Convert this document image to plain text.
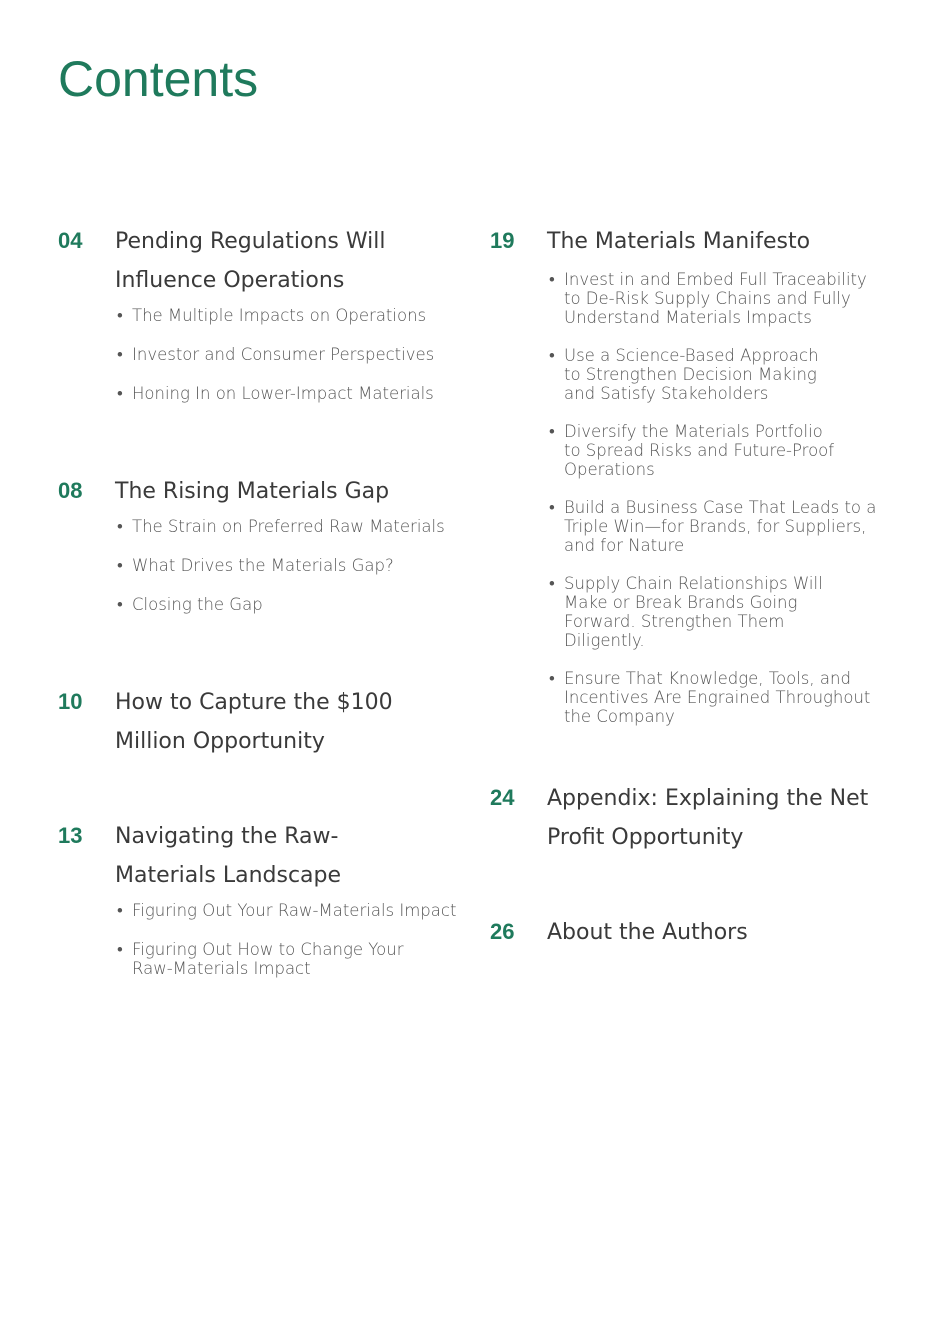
Contents
04 Pending Regulations Will Influence Operations
• The Multiple Impacts on Operations
• Investor and Consumer Perspectives
• Honing In on Lower-Impact Materials
08 The Rising Materials Gap
• The Strain on Preferred Raw Materials
• What Drives the Materials Gap?
• Closing the Gap
10 How to Capture the $100 Million Opportunity
13 Navigating the Raw-Materials Landscape
• Figuring Out Your Raw-Materials Impact
• Figuring Out How to Change Your Raw-Materials Impact
19 The Materials Manifesto
• Invest in and Embed Full Traceability to De-Risk Supply Chains and Fully Understand Materials Impacts
• Use a Science-Based Approach to Strengthen Decision Making and Satisfy Stakeholders
• Diversify the Materials Portfolio to Spread Risks and Future-Proof Operations
• Build a Business Case That Leads to a Triple Win—for Brands, for Suppliers, and for Nature
• Supply Chain Relationships Will Make or Break Brands Going Forward. Strengthen Them Diligently.
• Ensure That Knowledge, Tools, and Incentives Are Engrained Throughout the Company
24 Appendix: Explaining the Net Profit Opportunity
26 About the Authors
